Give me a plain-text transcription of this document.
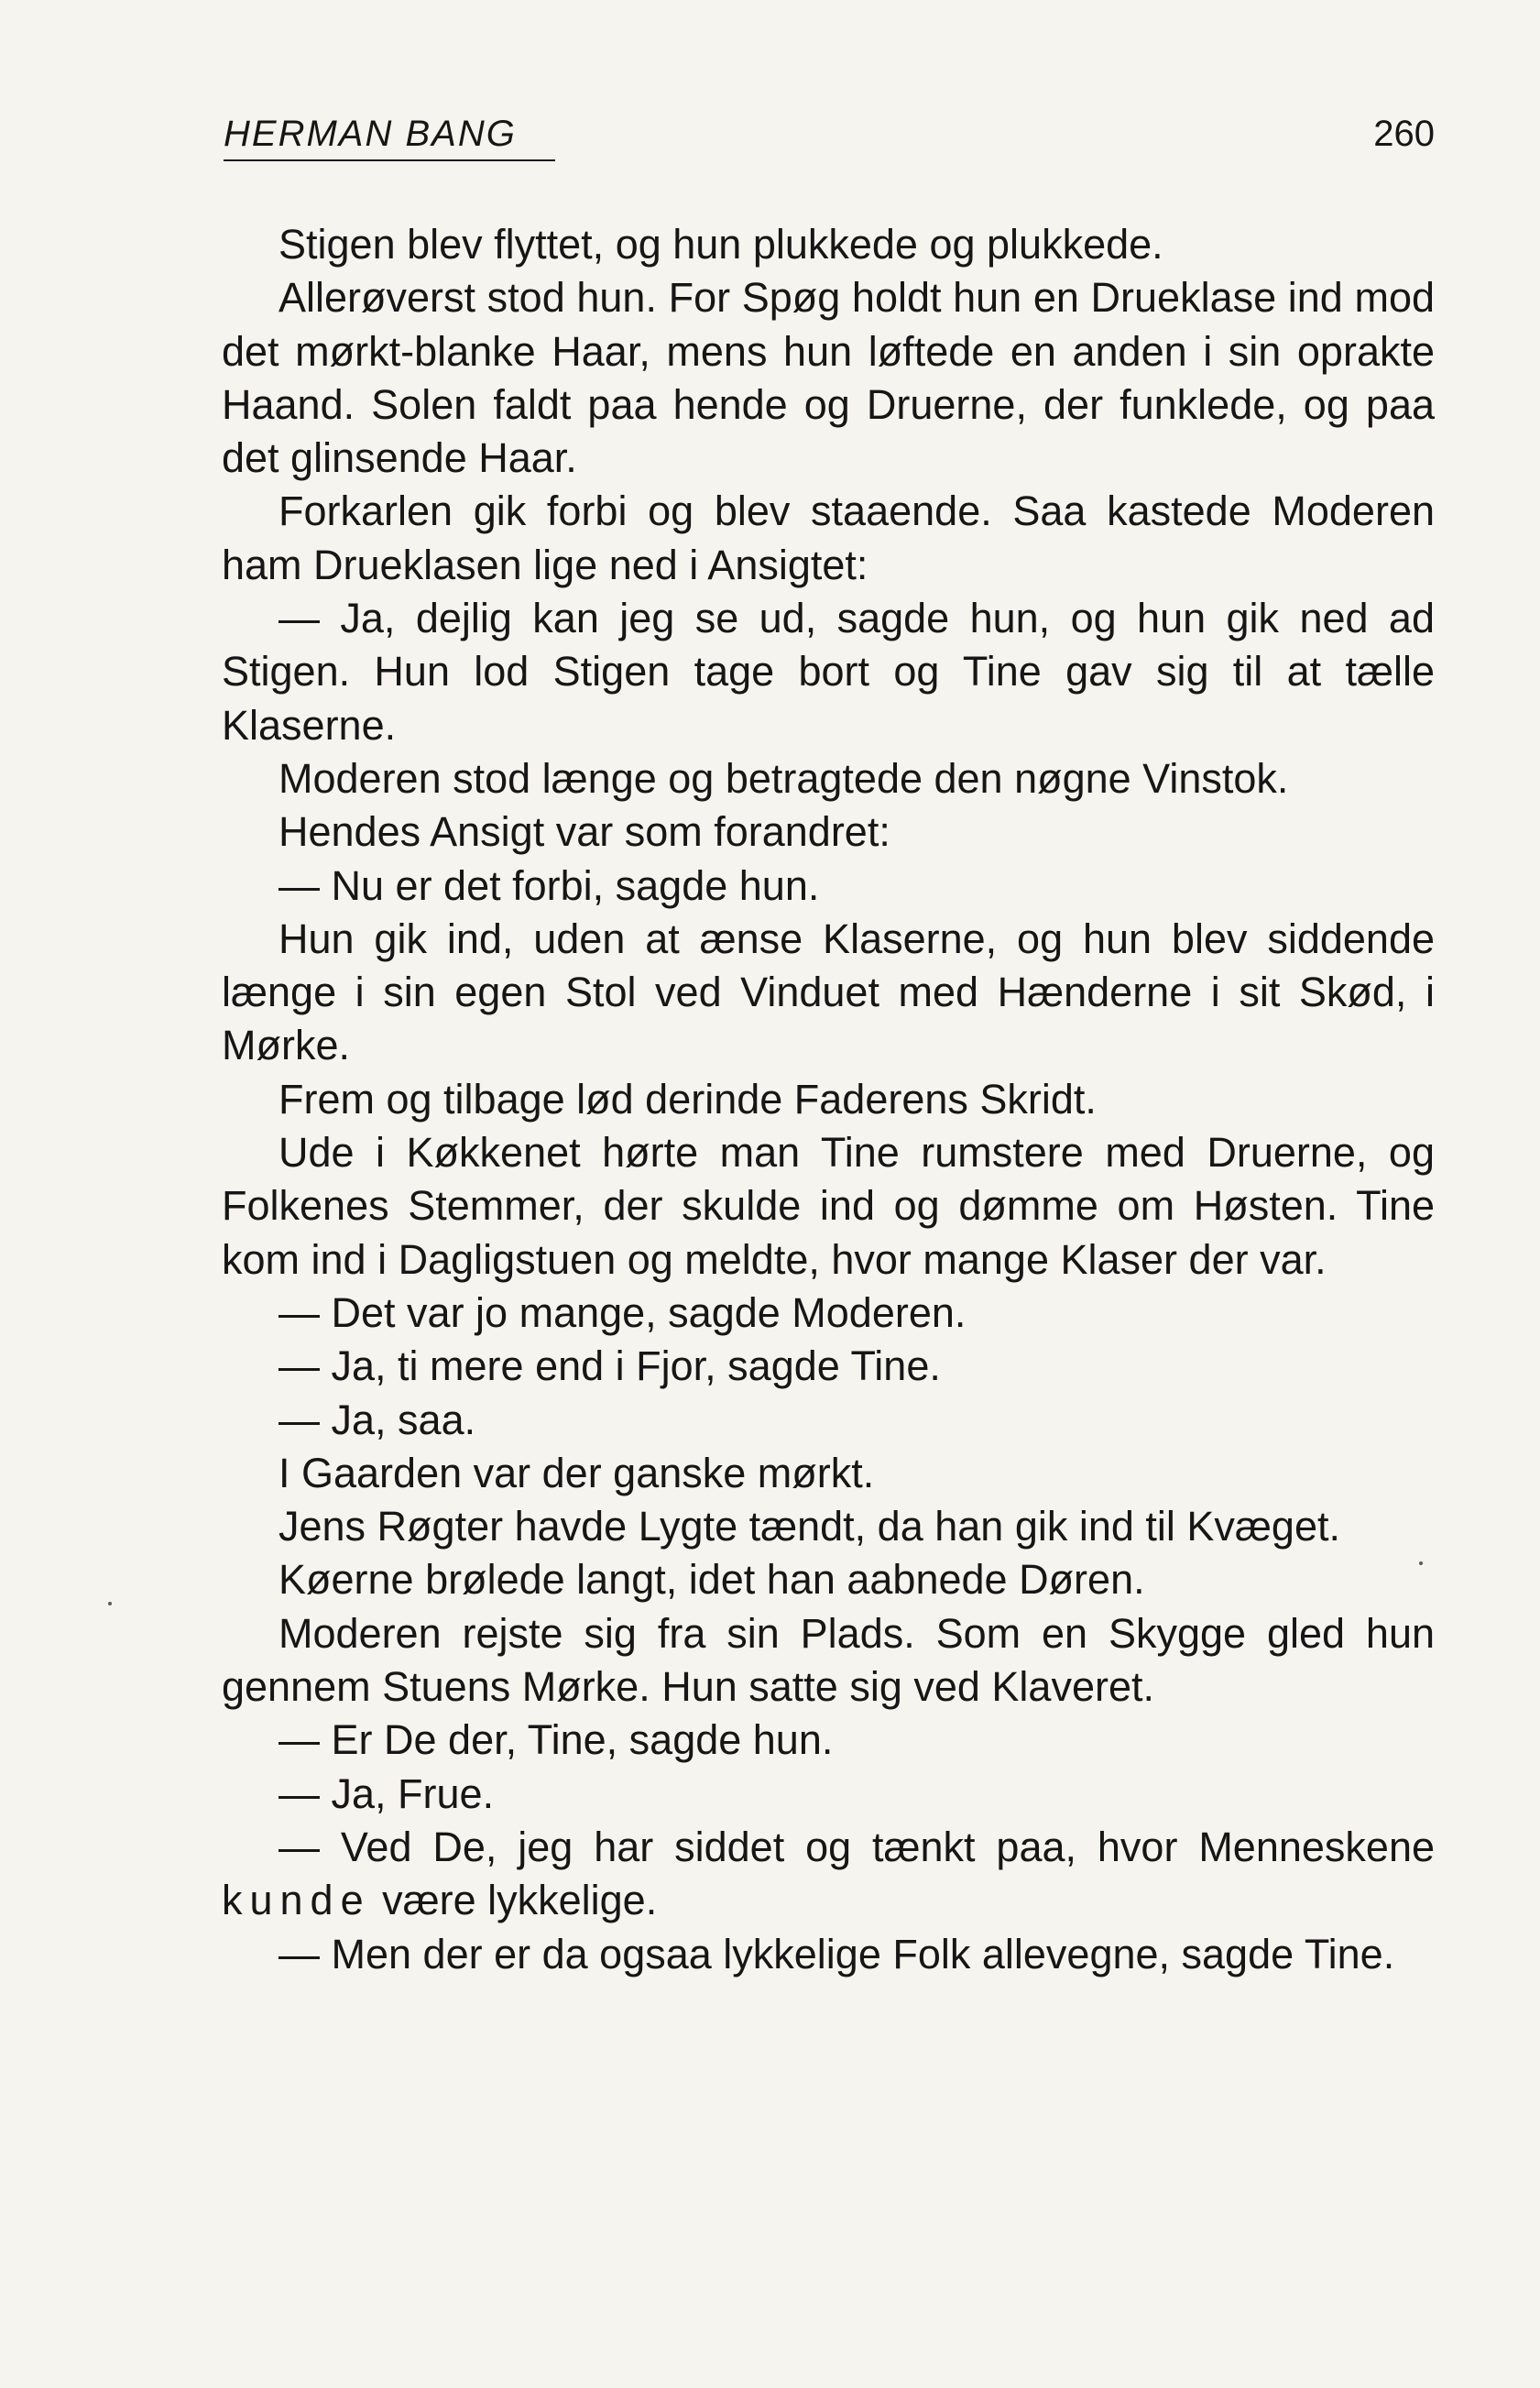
HERMAN BANG	260

Stigen blev flyttet, og hun plukkede og plukkede.

Allerøverst stod hun. For Spøg holdt hun en Drueklase ind mod det mørkt-blanke Haar, mens hun løftede en anden i sin oprakte Haand. Solen faldt paa hende og Druerne, der funklede, og paa det glinsende Haar.

Forkarlen gik forbi og blev staaende. Saa kastede Moderen ham Drueklasen lige ned i Ansigtet:

— Ja, dejlig kan jeg se ud, sagde hun, og hun gik ned ad Stigen. Hun lod Stigen tage bort og Tine gav sig til at tælle Klaserne.

Moderen stod længe og betragtede den nøgne Vinstok.

Hendes Ansigt var som forandret:

— Nu er det forbi, sagde hun.

Hun gik ind, uden at ænse Klaserne, og hun blev siddende længe i sin egen Stol ved Vinduet med Hænderne i sit Skød, i Mørke.

Frem og tilbage lød derinde Faderens Skridt.

Ude i Køkkenet hørte man Tine rumstere med Druerne, og Folkenes Stemmer, der skulde ind og dømme om Høsten. Tine kom ind i Dagligstuen og meldte, hvor mange Klaser der var.

— Det var jo mange, sagde Moderen.

— Ja, ti mere end i Fjor, sagde Tine.

— Ja, saa.

I Gaarden var der ganske mørkt.

Jens Røgter havde Lygte tændt, da han gik ind til Kvæget.

Køerne brølede langt, idet han aabnede Døren.

Moderen rejste sig fra sin Plads. Som en Skygge gled hun gennem Stuens Mørke. Hun satte sig ved Klaveret.

— Er De der, Tine, sagde hun.

— Ja, Frue.

— Ved De, jeg har siddet og tænkt paa, hvor Menneskene kunde være lykkelige.

— Men der er da ogsaa lykkelige Folk allevegne, sagde Tine.
